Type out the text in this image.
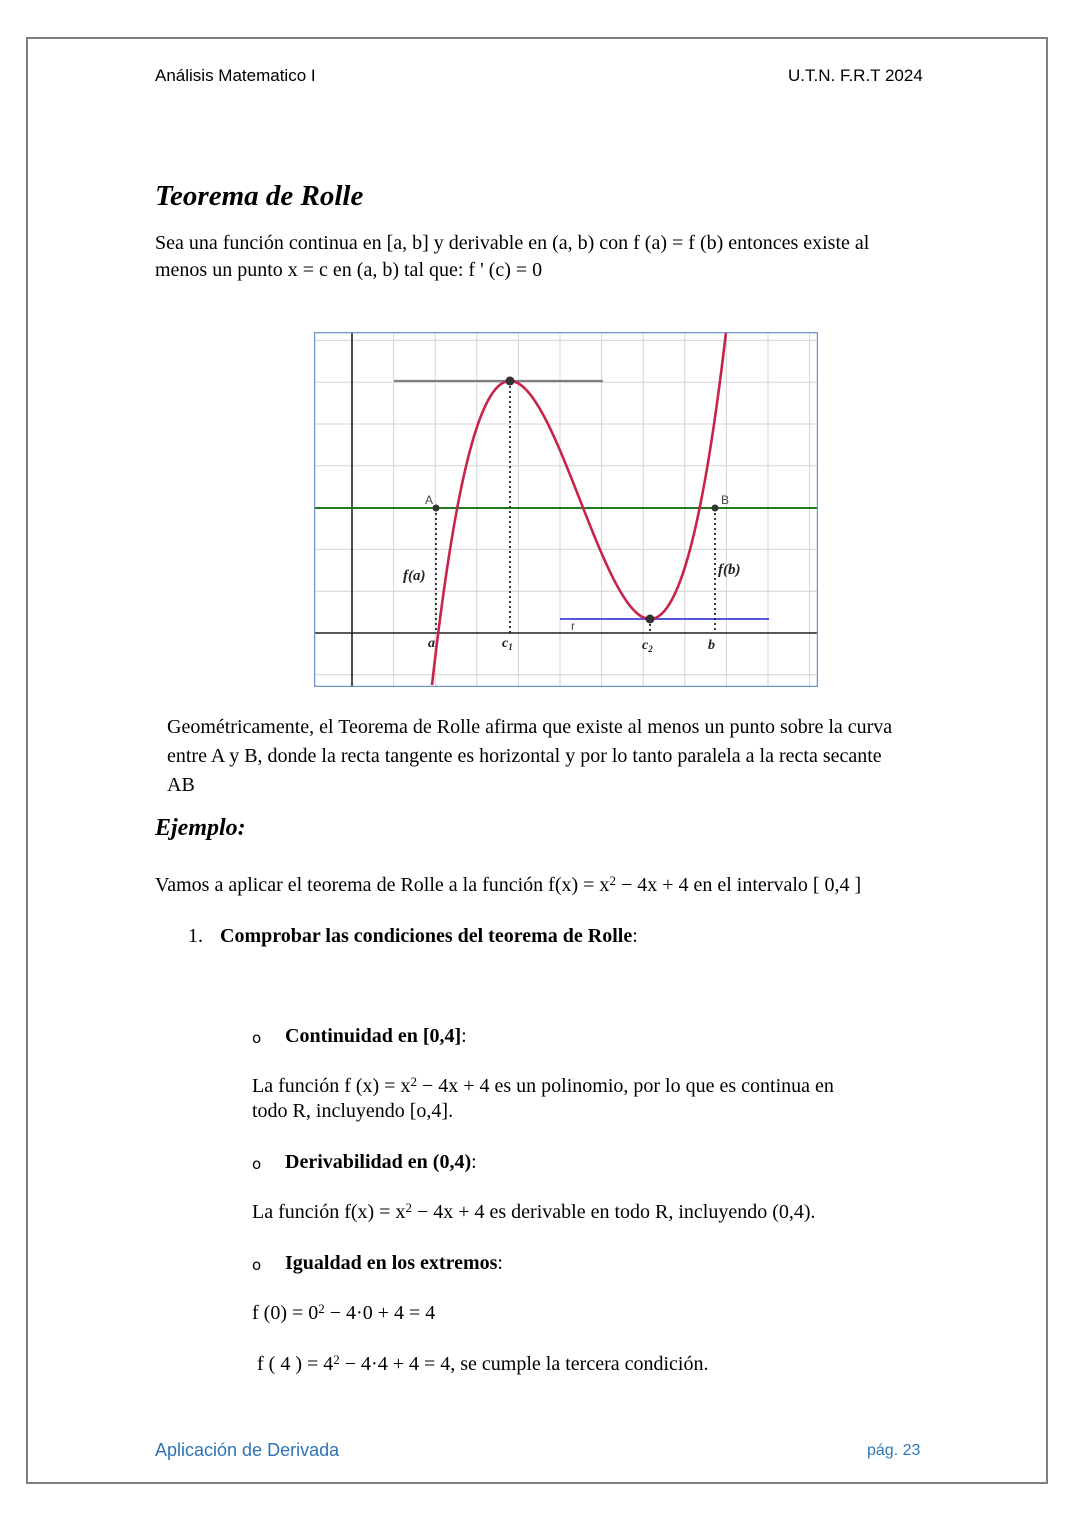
Análisis Matematico I	U.T.N. F.R.T 2024
Teorema de Rolle
Sea una función continua en [a, b] y derivable en (a, b) con f (a) = f (b) entonces existe al
menos un punto x = c en (a, b) tal que: f ' (c) = 0
A	B
f(a)	f(b)
a	b
$c_1$	$c_2$
r
Geométricamente, el Teorema de Rolle afirma que existe al menos un punto sobre la curva
entre A y B, donde la recta tangente es horizontal y por lo tanto paralela a la recta secante
AB
Ejemplo:
Vamos a aplicar el teorema de Rolle a la función $f(x) = x^2 - 4x + 4$ en el intervalo [ 0,4 ]
1. Comprobar las condiciones del teorema de Rolle:
o Continuidad en [0,4]:
La función f $(x) = x^2 - 4x + 4$ es un polinomio, por lo que es continua en
todo R, incluyendo [o,4].
o Derivabilidad en (0,4):
La función $f(x) = x^2 - 4x + 4$ es derivable en todo R, incluyendo (0,4).
o Igualdad en los extremos:
f $(0) = 0^2 - 4\cdot 0 + 4 = 4$
f ( 4 ) = $4^2 - 4\cdot 4 + 4 = 4$, se cumple la tercera condición.
Aplicación de Derivada	pág. 23
